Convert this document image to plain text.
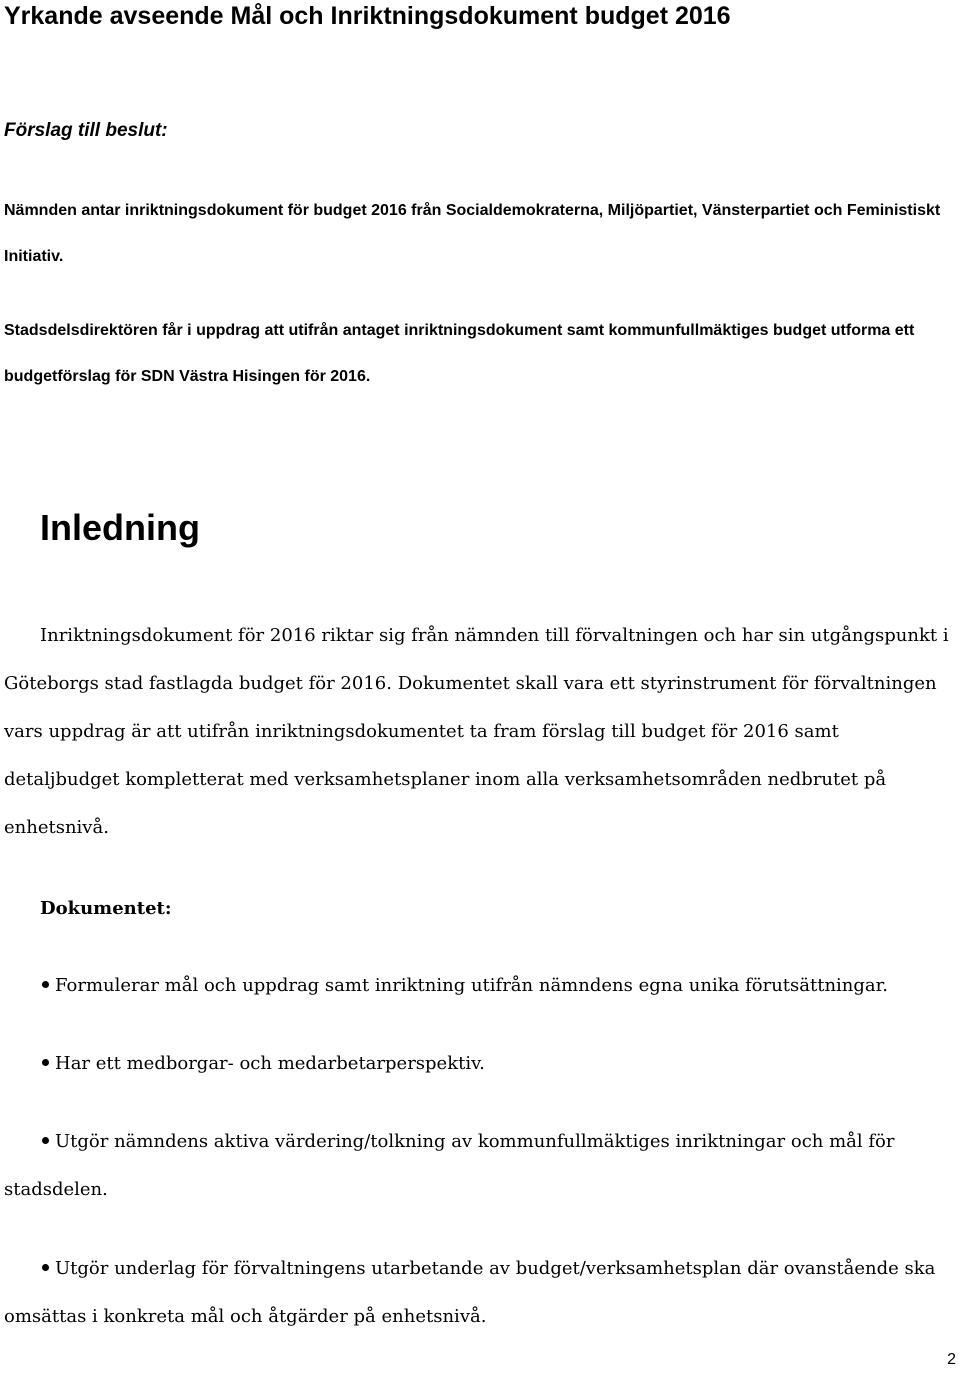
Yrkande avseende Mål och Inriktningsdokument budget 2016
Förslag till beslut:

Nämnden antar inriktningsdokument för budget 2016 från Socialdemokraterna, Miljöpartiet, Vänsterpartiet och Feministiskt Initiativ.

Stadsdelsdirektören får i uppdrag att utifrån antaget inriktningsdokument samt kommunfullmäktiges budget utforma ett budgetförslag för SDN Västra Hisingen för 2016.

Inledning

Inriktningsdokument för 2016 riktar sig från nämnden till förvaltningen och har sin utgångspunkt i Göteborgs stad fastlagda budget för 2016. Dokumentet skall vara ett styrinstrument för förvaltningen vars uppdrag är att utifrån inriktningsdokumentet ta fram förslag till budget för 2016 samt detaljbudget kompletterat med verksamhetsplaner inom alla verksamhetsområden nedbrutet på enhetsnivå.

Dokumentet:

Formulerar mål och uppdrag samt inriktning utifrån nämndens egna unika förutsättningar.

Har ett medborgar- och medarbetarperspektiv.

Utgör nämndens aktiva värdering/tolkning av kommunfullmäktiges inriktningar och mål för stadsdelen.

Utgör underlag för förvaltningens utarbetande av budget/verksamhetsplan där ovanstående ska omsättas i konkreta mål och åtgärder på enhetsnivå.

2
